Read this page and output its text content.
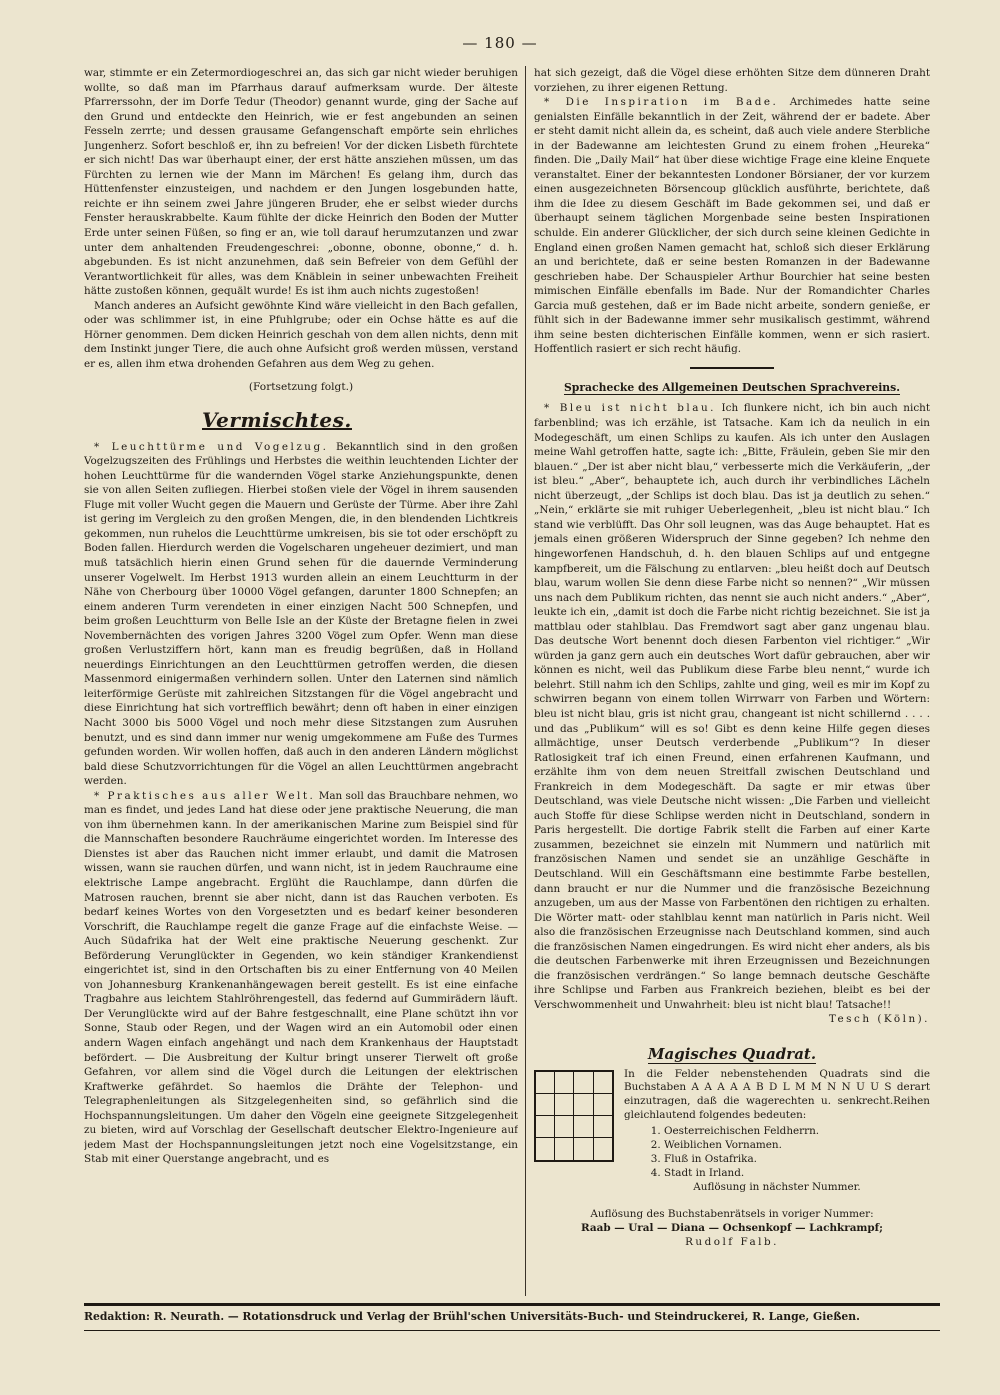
— 180 —

war, stimmte er ein Zetermordiogeschrei an, das sich gar nicht wieder beruhigen wollte, so daß man im Pfarrhaus darauf aufmerksam wurde. Der älteste Pfarrerssohn, der im Dorfe Tedur (Theodor) genannt wurde, ging der Sache auf den Grund und entdeckte den Heinrich, wie er fest angebunden an seinen Fesseln zerrte; und dessen grausame Gefangenschaft empörte sein ehrliches Jungenherz. Sofort beschloß er, ihn zu befreien! Vor der dicken Lisbeth fürchtete er sich nicht! Das war überhaupt einer, der erst hätte ansziehen müssen, um das Fürchten zu lernen wie der Mann im Märchen! Es gelang ihm, durch das Hüttenfenster einzusteigen, und nachdem er den Jungen losgebunden hatte, reichte er ihn seinem zwei Jahre jüngeren Bruder, ehe er selbst wieder durchs Fenster herauskrabbelte. Kaum fühlte der dicke Heinrich den Boden der Mutter Erde unter seinen Füßen, so fing er an, wie toll darauf herumzutanzen und zwar unter dem anhaltenden Freudengeschrei: „obonne, obonne, obonne,“ d. h. abgebunden. Es ist nicht anzunehmen, daß sein Befreier von dem Gefühl der Verantwortlichkeit für alles, was dem Knäblein in seiner unbewachten Freiheit hätte zustoßen können, gequält wurde! Es ist ihm auch nichts zugestoßen!

Manch anderes an Aufsicht gewöhnte Kind wäre vielleicht in den Bach gefallen, oder was schlimmer ist, in eine Pfuhlgrube; oder ein Ochse hätte es auf die Hörner genommen. Dem dicken Heinrich geschah von dem allen nichts, denn mit dem Instinkt junger Tiere, die auch ohne Aufsicht groß werden müssen, verstand er es, allen ihm etwa drohenden Gefahren aus dem Weg zu gehen.

(Fortsetzung folgt.)
Vermischtes.

* Leuchttürme und Vogelzug. Bekanntlich sind in den großen Vogelzugszeiten des Frühlings und Herbstes die weithin leuchtenden Lichter der hohen Leuchttürme für die wandernden Vögel starke Anziehungspunkte, denen sie von allen Seiten zufliegen. Hierbei stoßen viele der Vögel in ihrem sausenden Fluge mit voller Wucht gegen die Mauern und Gerüste der Türme. Aber ihre Zahl ist gering im Vergleich zu den großen Mengen, die, in den blendenden Lichtkreis gekommen, nun ruhelos die Leuchttürme umkreisen, bis sie tot oder erschöpft zu Boden fallen. Hierdurch werden die Vogelscharen ungeheuer dezimiert, und man muß tatsächlich hierin einen Grund sehen für die dauernde Verminderung unserer Vogelwelt. Im Herbst 1913 wurden allein an einem Leuchtturm in der Nähe von Cherbourg über 10000 Vögel gefangen, darunter 1800 Schnepfen; an einem anderen Turm verendeten in einer einzigen Nacht 500 Schnepfen, und beim großen Leuchtturm von Belle Isle an der Küste der Bretagne fielen in zwei Novembernächten des vorigen Jahres 3200 Vögel zum Opfer. Wenn man diese großen Verlustziffern hört, kann man es freudig begrüßen, daß in Holland neuerdings Einrichtungen an den Leuchttürmen getroffen werden, die diesen Massenmord einigermaßen verhindern sollen. Unter den Laternen sind nämlich leiterförmige Gerüste mit zahlreichen Sitzstangen für die Vögel angebracht und diese Einrichtung hat sich vortrefflich bewährt; denn oft haben in einer einzigen Nacht 3000 bis 5000 Vögel und noch mehr diese Sitzstangen zum Ausruhen benutzt, und es sind dann immer nur wenig umgekommene am Fuße des Turmes gefunden worden. Wir wollen hoffen, daß auch in den anderen Ländern möglichst bald diese Schutzvorrichtungen für die Vögel an allen Leuchttürmen angebracht werden.

* Praktisches aus aller Welt. Man soll das Brauchbare nehmen, wo man es findet, und jedes Land hat diese oder jene praktische Neuerung, die man von ihm übernehmen kann. In der amerikanischen Marine zum Beispiel sind für die Mannschaften besondere Rauchräume eingerichtet worden. Im Interesse des Dienstes ist aber das Rauchen nicht immer erlaubt, und damit die Matrosen wissen, wann sie rauchen dürfen, und wann nicht, ist in jedem Rauchraume eine elektrische Lampe angebracht. Erglüht die Rauchlampe, dann dürfen die Matrosen rauchen, brennt sie aber nicht, dann ist das Rauchen verboten. Es bedarf keines Wortes von den Vorgesetzten und es bedarf keiner besonderen Vorschrift, die Rauchlampe regelt die ganze Frage auf die einfachste Weise. — Auch Südafrika hat der Welt eine praktische Neuerung geschenkt. Zur Beförderung Verunglückter in Gegenden, wo kein ständiger Krankendienst eingerichtet ist, sind in den Ortschaften bis zu einer Entfernung von 40 Meilen von Johannesburg Krankenanhängewagen bereit gestellt. Es ist eine einfache Tragbahre aus leichtem Stahlröhrengestell, das federnd auf Gummirädern läuft. Der Verunglückte wird auf der Bahre festgeschnallt, eine Plane schützt ihn vor Sonne, Staub oder Regen, und der Wagen wird an ein Automobil oder einen andern Wagen einfach angehängt und nach dem Krankenhaus der Hauptstadt befördert. — Die Ausbreitung der Kultur bringt unserer Tierwelt oft große Gefahren, vor allem sind die Vögel durch die Leitungen der elektrischen Kraftwerke gefährdet. So haemlos die Drähte der Telephon- und Telegraphenleitungen als Sitzgelegenheiten sind, so gefährlich sind die Hochspannungsleitungen. Um daher den Vögeln eine geeignete Sitzgelegenheit zu bieten, wird auf Vorschlag der Gesellschaft deutscher Elektro-Ingenieure auf jedem Mast der Hochspannungsleitungen jetzt noch eine Vogelsitzstange, ein Stab mit einer Querstange angebracht, und es

hat sich gezeigt, daß die Vögel diese erhöhten Sitze dem dünneren Draht vorziehen, zu ihrer eigenen Rettung.

* Die Inspiration im Bade. Archimedes hatte seine genialsten Einfälle bekanntlich in der Zeit, während der er badete. Aber er steht damit nicht allein da, es scheint, daß auch viele andere Sterbliche in der Badewanne am leichtesten Grund zu einem frohen „Heureka“ finden. Die „Daily Mail“ hat über diese wichtige Frage eine kleine Enquete veranstaltet. Einer der bekanntesten Londoner Börsianer, der vor kurzem einen ausgezeichneten Börsencoup glücklich ausführte, berichtete, daß ihm die Idee zu diesem Geschäft im Bade gekommen sei, und daß er überhaupt seinem täglichen Morgenbade seine besten Inspirationen schulde. Ein anderer Glücklicher, der sich durch seine kleinen Gedichte in England einen großen Namen gemacht hat, schloß sich dieser Erklärung an und berichtete, daß er seine besten Romanzen in der Badewanne geschrieben habe. Der Schauspieler Arthur Bourchier hat seine besten mimischen Einfälle ebenfalls im Bade. Nur der Romandichter Charles Garcia muß gestehen, daß er im Bade nicht arbeite, sondern genieße, er fühlt sich in der Badewanne immer sehr musikalisch gestimmt, während ihm seine besten dichterischen Einfälle kommen, wenn er sich rasiert. Hoffentlich rasiert er sich recht häufig.

Sprachecke des Allgemeinen Deutschen Sprachvereins.

* Bleu ist nicht blau. Ich flunkere nicht, ich bin auch nicht farbenblind; was ich erzähle, ist Tatsache. Kam ich da neulich in ein Modegeschäft, um einen Schlips zu kaufen. Als ich unter den Auslagen meine Wahl getroffen hatte, sagte ich: „Bitte, Fräulein, geben Sie mir den blauen.“ „Der ist aber nicht blau,“ verbesserte mich die Verkäuferin, „der ist bleu.“ „Aber“, behauptete ich, auch durch ihr verbindliches Lächeln nicht überzeugt, „der Schlips ist doch blau. Das ist ja deutlich zu sehen.“ „Nein,“ erklärte sie mit ruhiger Ueberlegenheit, „bleu ist nicht blau.“ Ich stand wie verblüfft. Das Ohr soll leugnen, was das Auge behauptet. Hat es jemals einen größeren Widerspruch der Sinne gegeben? Ich nehme den hingeworfenen Handschuh, d. h. den blauen Schlips auf und entgegne kampfbereit, um die Fälschung zu entlarven: „bleu heißt doch auf Deutsch blau, warum wollen Sie denn diese Farbe nicht so nennen?“ „Wir müssen uns nach dem Publikum richten, das nennt sie auch nicht anders.“ „Aber“, leukte ich ein, „damit ist doch die Farbe nicht richtig bezeichnet. Sie ist ja mattblau oder stahlblau. Das Fremdwort sagt aber ganz ungenau blau. Das deutsche Wort benennt doch diesen Farbenton viel richtiger.“ „Wir würden ja ganz gern auch ein deutsches Wort dafür gebrauchen, aber wir können es nicht, weil das Publikum diese Farbe bleu nennt,“ wurde ich belehrt. Still nahm ich den Schlips, zahlte und ging, weil es mir im Kopf zu schwirren begann von einem tollen Wirrwarr von Farben und Wörtern: bleu ist nicht blau, gris ist nicht grau, changeant ist nicht schillernd . . . . und das „Publikum“ will es so! Gibt es denn keine Hilfe gegen dieses allmächtige, unser Deutsch verderbende „Publikum“? In dieser Ratlosigkeit traf ich einen Freund, einen erfahrenen Kaufmann, und erzählte ihm von dem neuen Streitfall zwischen Deutschland und Frankreich in dem Modegeschäft. Da sagte er mir etwas über Deutschland, was viele Deutsche nicht wissen: „Die Farben und vielleicht auch Stoffe für diese Schlipse werden nicht in Deutschland, sondern in Paris hergestellt. Die dortige Fabrik stellt die Farben auf einer Karte zusammen, bezeichnet sie einzeln mit Nummern und natürlich mit französischen Namen und sendet sie an unzählige Geschäfte in Deutschland. Will ein Geschäftsmann eine bestimmte Farbe bestellen, dann braucht er nur die Nummer und die französische Bezeichnung anzugeben, um aus der Masse von Farbentönen den richtigen zu erhalten. Die Wörter matt- oder stahlblau kennt man natürlich in Paris nicht. Weil also die französischen Erzeugnisse nach Deutschland kommen, sind auch die französischen Namen eingedrungen. Es wird nicht eher anders, als bis die deutschen Farbenwerke mit ihren Erzeugnissen und Bezeichnungen die französischen verdrängen.“ So lange bemnach deutsche Geschäfte ihre Schlipse und Farben aus Frankreich beziehen, bleibt es bei der Verschwommenheit und Unwahrheit: bleu ist nicht blau! Tatsache!!

Tesch (Köln).
Magisches Quadrat.

In die Felder nebenstehenden Quadrats sind die Buchstaben A A A A A B D L M M N N U U S derart einzutragen, daß die wagerechten u. senkrecht.Reihen gleichlautend folgendes bedeuten:
1. Oesterreichischen Feldherrn.
2. Weiblichen Vornamen.
3. Fluß in Ostafrika.
4. Stadt in Irland.
Auflösung in nächster Nummer.
Auflösung des Buchstabenrätsels in voriger Nummer:
Raab — Ural — Diana — Ochsenkopf — Lachkrampf;
Rudolf Falb.
Redaktion: R. Neurath. — Rotationsdruck und Verlag der Brühl'schen Universitäts-Buch- und Steindruckerei, R. Lange, Gießen.
